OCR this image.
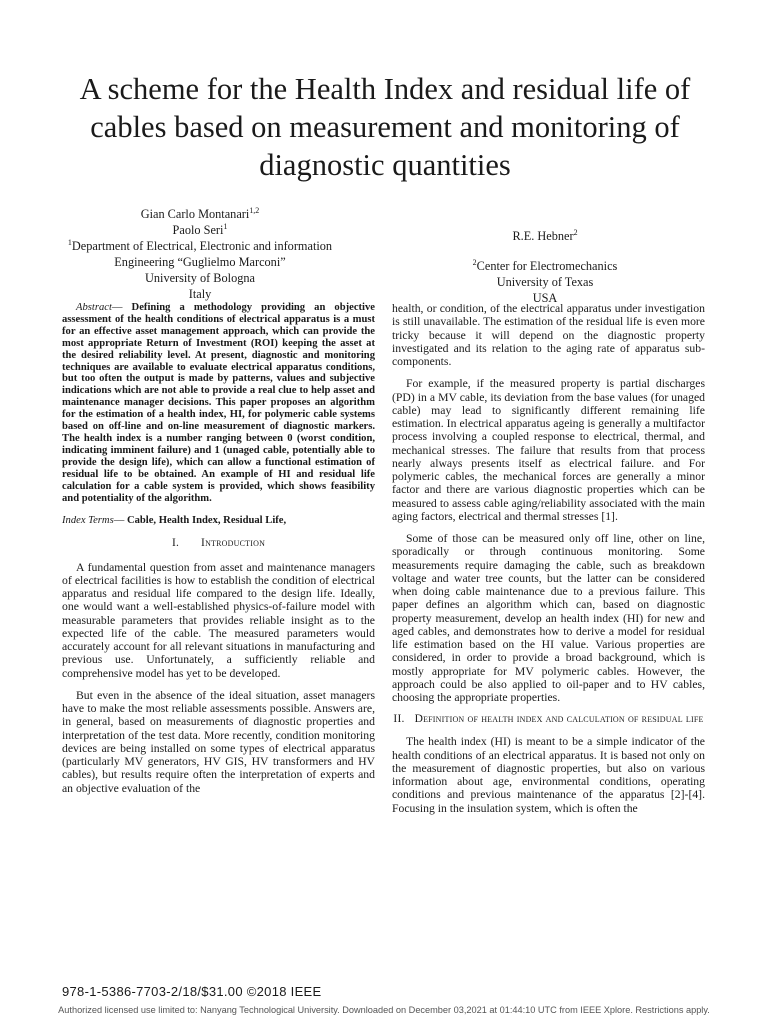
A scheme for the Health Index and residual life of cables based on measurement and monitoring of diagnostic quantities
Gian Carlo Montanari$^{1,2}$
Paolo Seri$^1$
$^1$Department of Electrical, Electronic and information
Engineering “Guglielmo Marconi”
University of Bologna
Italy
R.E. Hebner$^2$
$^2$Center for Electromechanics
University of Texas
USA

Abstract— Defining a methodology providing an objective assessment of the health conditions of electrical apparatus is a must for an effective asset management approach, which can provide the most appropriate Return of Investment (ROI) keeping the asset at the desired reliability level. At present, diagnostic and monitoring techniques are available to evaluate electrical apparatus conditions, but too often the output is made by patterns, values and subjective indications which are not able to provide a real clue to help asset and maintenance manager decisions. This paper proposes an algorithm for the estimation of a health index, HI, for polymeric cable systems based on off-line and on-line measurement of diagnostic markers. The health index is a number ranging between 0 (worst condition, indicating imminent failure) and 1 (unaged cable, potentially able to provide the design life), which can allow a functional estimation of residual life to be obtained. An example of HI and residual life calculation for a cable system is provided, which shows feasibility and potentiality of the algorithm.

Index Terms— Cable, Health Index, Residual Life,

I. Introduction

A fundamental question from asset and maintenance managers of electrical facilities is how to establish the condition of electrical apparatus and residual life compared to the design life. Ideally, one would want a well-established physics-of-failure model with measurable parameters that provides reliable insight as to the expected life of the cable. The measured parameters would accurately account for all relevant situations in manufacturing and previous use. Unfortunately, a sufficiently reliable and comprehensive model has yet to be developed.

But even in the absence of the ideal situation, asset managers have to make the most reliable assessments possible. Answers are, in general, based on measurements of diagnostic properties and interpretation of the test data. More recently, condition monitoring devices are being installed on some types of electrical apparatus (particularly MV generators, HV GIS, HV transformers and HV cables), but results require often the interpretation of experts and an objective evaluation of the

health, or condition, of the electrical apparatus under investigation is still unavailable. The estimation of the residual life is even more tricky because it will depend on the diagnostic property investigated and its relation to the aging rate of apparatus sub-components.

For example, if the measured property is partial discharges (PD) in a MV cable, its deviation from the base values (for unaged cable) may lead to significantly different remaining life estimation. In electrical apparatus ageing is generally a multifactor process involving a coupled response to electrical, thermal, and mechanical stresses. The failure that results from that process nearly always presents itself as electrical failure. and For polymeric cables, the mechanical forces are generally a minor factor and there are various diagnostic properties which can be measured to assess cable aging/reliability associated with the main aging factors, electrical and thermal stresses [1].

Some of those can be measured only off line, other on line, sporadically or through continuous monitoring. Some measurements require damaging the cable, such as breakdown voltage and water tree counts, but the latter can be considered when doing cable maintenance due to a previous failure. This paper defines an algorithm which can, based on diagnostic property measurement, develop an health index (HI) for new and aged cables, and demonstrates how to derive a model for residual life estimation based on the HI value. Various properties are considered, in order to provide a broad background, which is mostly appropriate for MV polymeric cables. However, the approach could be also applied to oil-paper and to HV cables, choosing the appropriate properties.

II. Definition of health index and calculation of residual life

The health index (HI) is meant to be a simple indicator of the health conditions of an electrical apparatus. It is based not only on the measurement of diagnostic properties, but also on various information about age, environmental conditions, operating conditions and previous maintenance of the apparatus [2]-[4]. Focusing in the insulation system, which is often the

978-1-5386-7703-2/18/$31.00 ©2018 IEEE
Authorized licensed use limited to: Nanyang Technological University. Downloaded on December 03,2021 at 01:44:10 UTC from IEEE Xplore. Restrictions apply.
